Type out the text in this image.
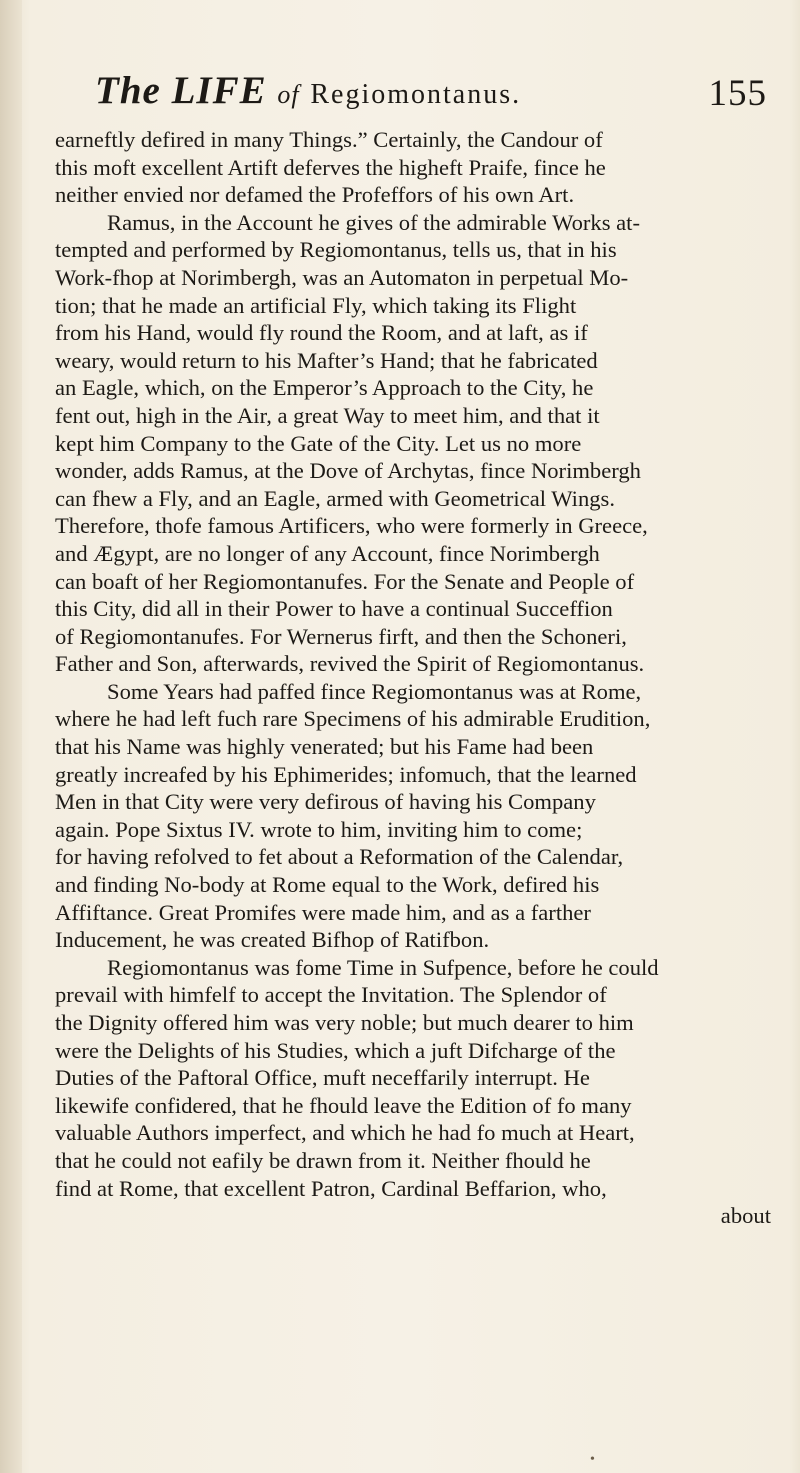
The LIFE of Regiomontanus.	155
earneftly defired in many Things.” Certainly, the Candour of
this moft excellent Artift deferves the higheft Praife, fince he
neither envied nor defamed the Profeffors of his own Art.
Ramus, in the Account he gives of the admirable Works at-
tempted and performed by Regiomontanus, tells us, that in his
Work-fhop at Norimbergh, was an Automaton in perpetual Mo-
tion; that he made an artificial Fly, which taking its Flight
from his Hand, would fly round the Room, and at laft, as if
weary, would return to his Mafter’s Hand; that he fabricated
an Eagle, which, on the Emperor’s Approach to the City, he
fent out, high in the Air, a great Way to meet him, and that it
kept him Company to the Gate of the City. Let us no more
wonder, adds Ramus, at the Dove of Archytas, fince Norimbergh
can fhew a Fly, and an Eagle, armed with Geometrical Wings.
Therefore, thofe famous Artificers, who were formerly in Greece,
and Ægypt, are no longer of any Account, fince Norimbergh
can boaft of her Regiomontanufes. For the Senate and People of
this City, did all in their Power to have a continual Succeffion
of Regiomontanufes. For Wernerus firft, and then the Schoneri,
Father and Son, afterwards, revived the Spirit of Regiomontanus.
Some Years had paffed fince Regiomontanus was at Rome,
where he had left fuch rare Specimens of his admirable Erudition,
that his Name was highly venerated; but his Fame had been
greatly increafed by his Ephimerides; infomuch, that the learned
Men in that City were very defirous of having his Company
again. Pope Sixtus IV. wrote to him, inviting him to come;
for having refolved to fet about a Reformation of the Calendar,
and finding No-body at Rome equal to the Work, defired his
Affiftance. Great Promifes were made him, and as a farther
Inducement, he was created Bifhop of Ratifbon.
Regiomontanus was fome Time in Sufpence, before he could
prevail with himfelf to accept the Invitation. The Splendor of
the Dignity offered him was very noble; but much dearer to him
were the Delights of his Studies, which a juft Difcharge of the
Duties of the Paftoral Office, muft neceffarily interrupt. He
likewife confidered, that he fhould leave the Edition of fo many
valuable Authors imperfect, and which he had fo much at Heart,
that he could not eafily be drawn from it. Neither fhould he
find at Rome, that excellent Patron, Cardinal Beffarion, who,
about
•
